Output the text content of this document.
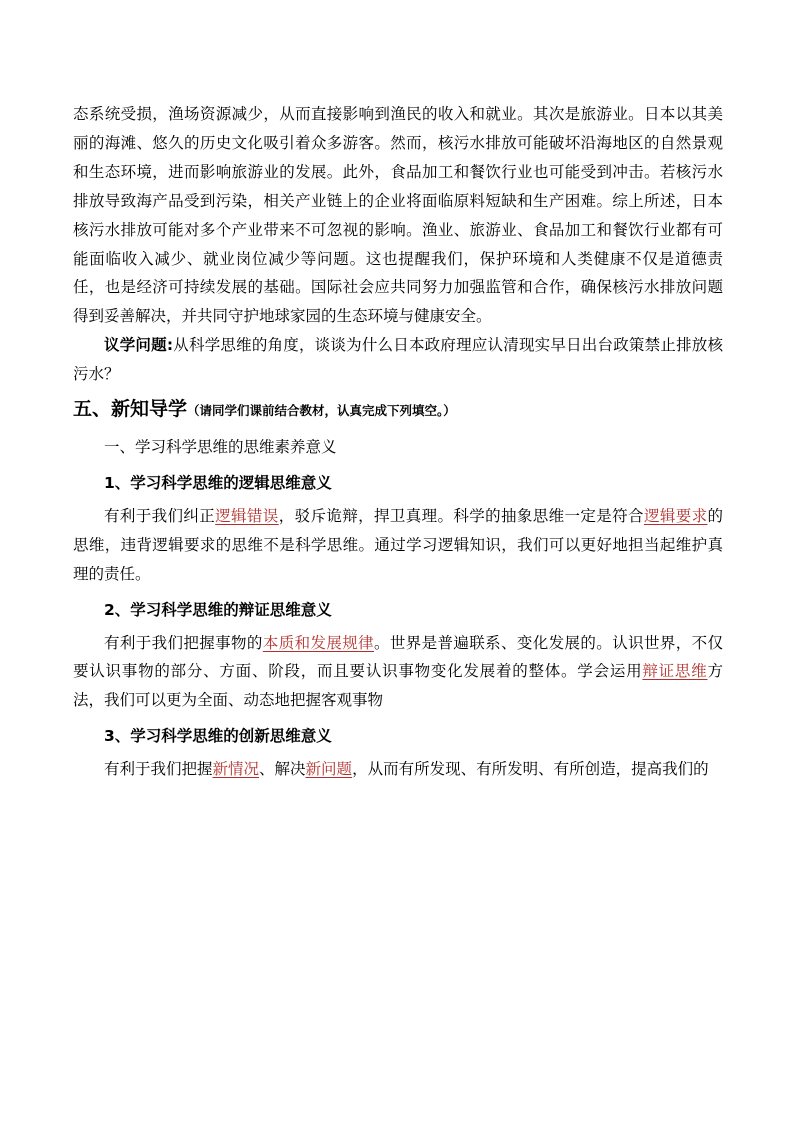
态系统受损，渔场资源减少，从而直接影响到渔民的收入和就业。其次是旅游业。日本以其美丽的海滩、悠久的历史文化吸引着众多游客。然而，核污水排放可能破坏沿海地区的自然景观和生态环境，进而影响旅游业的发展。此外，食品加工和餐饮行业也可能受到冲击。若核污水排放导致海产品受到污染，相关产业链上的企业将面临原料短缺和生产困难。综上所述，日本核污水排放可能对多个产业带来不可忽视的影响。渔业、旅游业、食品加工和餐饮行业都有可能面临收入减少、就业岗位减少等问题。这也提醒我们，保护环境和人类健康不仅是道德责任，也是经济可持续发展的基础。国际社会应共同努力加强监管和合作，确保核污水排放问题得到妥善解决，并共同守护地球家园的生态环境与健康安全。

议学问题:从科学思维的角度，谈谈为什么日本政府理应认清现实早日出台政策禁止排放核污水？

五、新知导学（请同学们课前结合教材，认真完成下列填空。）
一、学习科学思维的思维素养意义
1、学习科学思维的逻辑思维意义

有利于我们纠正逻辑错误，驳斥诡辩，捍卫真理。科学的抽象思维一定是符合逻辑要求的思维，违背逻辑要求的思维不是科学思维。通过学习逻辑知识，我们可以更好地担当起维护真理的责任。

2、学习科学思维的辩证思维意义

有利于我们把握事物的本质和发展规律。世界是普遍联系、变化发展的。认识世界，不仅要认识事物的部分、方面、阶段，而且要认识事物变化发展着的整体。学会运用辩证思维方法，我们可以更为全面、动态地把握客观事物

3、学习科学思维的创新思维意义

有利于我们把握新情况、解决新问题，从而有所发现、有所发明、有所创造，提高我们的
